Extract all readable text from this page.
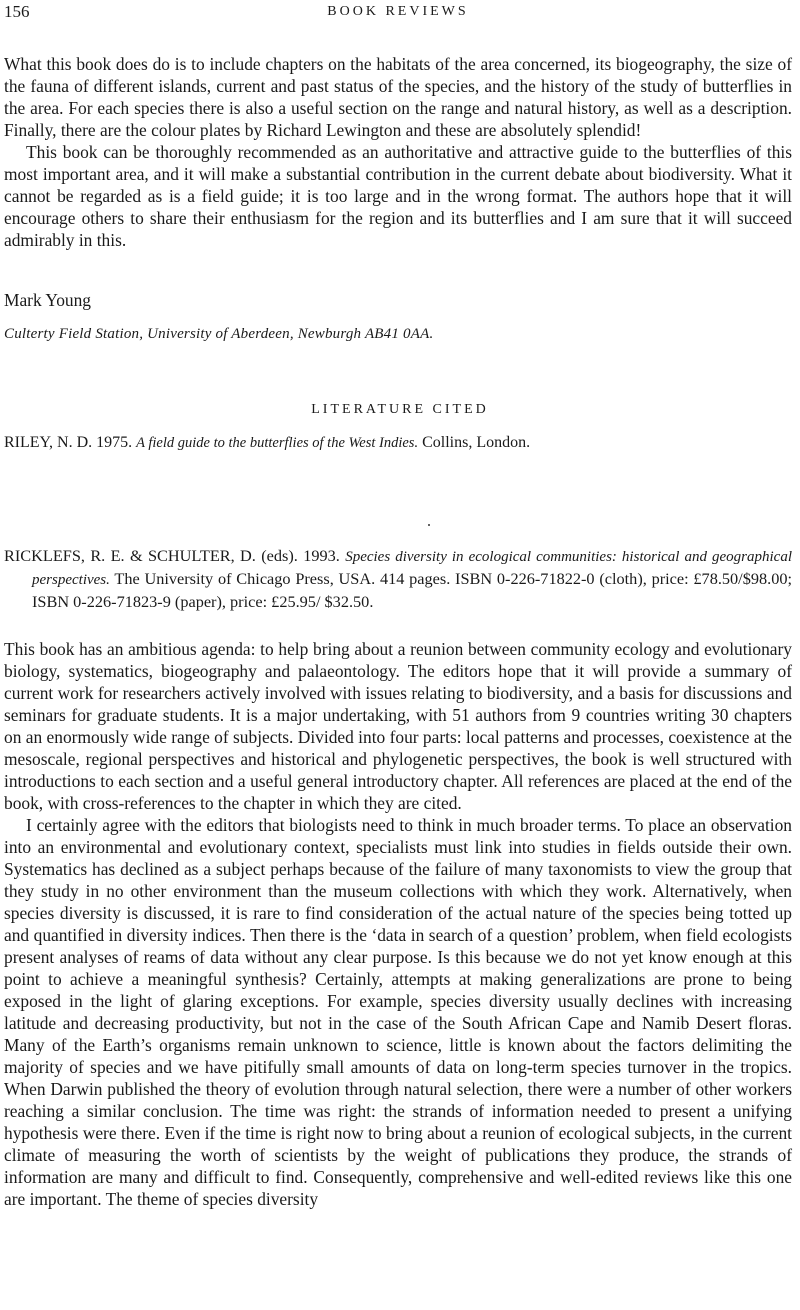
156	BOOK REVIEWS

What this book does do is to include chapters on the habitats of the area concerned, its biogeography, the size of the fauna of different islands, current and past status of the species, and the history of the study of butterflies in the area. For each species there is also a useful section on the range and natural history, as well as a description. Finally, there are the colour plates by Richard Lewington and these are absolutely splendid!

This book can be thoroughly recommended as an authoritative and attractive guide to the butterflies of this most important area, and it will make a substantial contribution in the current debate about biodiversity. What it cannot be regarded as is a field guide; it is too large and in the wrong format. The authors hope that it will encourage others to share their enthusiasm for the region and its butterflies and I am sure that it will succeed admirably in this.

Mark Young
Culterty Field Station, University of Aberdeen, Newburgh AB41 0AA.
LITERATURE CITED
RILEY, N. D. 1975. A field guide to the butterflies of the West Indies. Collins, London.
RICKLEFS, R. E. & SCHULTER, D. (eds). 1993. Species diversity in ecological communities: historical and geographical perspectives. The University of Chicago Press, USA. 414 pages. ISBN 0-226-71822-0 (cloth), price: £78.50/$98.00; ISBN 0-226-71823-9 (paper), price: £25.95/ $32.50.

This book has an ambitious agenda: to help bring about a reunion between community ecology and evolutionary biology, systematics, biogeography and palaeontology. The editors hope that it will provide a summary of current work for researchers actively involved with issues relating to biodiversity, and a basis for discussions and seminars for graduate students. It is a major undertaking, with 51 authors from 9 countries writing 30 chapters on an enormously wide range of subjects. Divided into four parts: local patterns and processes, coexistence at the mesoscale, regional perspectives and historical and phylogenetic perspectives, the book is well structured with introductions to each section and a useful general introductory chapter. All references are placed at the end of the book, with cross-references to the chapter in which they are cited.

I certainly agree with the editors that biologists need to think in much broader terms. To place an observation into an environmental and evolutionary context, specialists must link into studies in fields outside their own. Systematics has declined as a subject perhaps because of the failure of many taxonomists to view the group that they study in no other environment than the museum collections with which they work. Alternatively, when species diversity is discussed, it is rare to find consideration of the actual nature of the species being totted up and quantified in diversity indices. Then there is the ‘data in search of a question’ problem, when field ecologists present analyses of reams of data without any clear purpose. Is this because we do not yet know enough at this point to achieve a meaningful synthesis? Certainly, attempts at making generalizations are prone to being exposed in the light of glaring exceptions. For example, species diversity usually declines with increasing latitude and decreasing productivity, but not in the case of the South African Cape and Namib Desert floras. Many of the Earth’s organisms remain unknown to science, little is known about the factors delimiting the majority of species and we have pitifully small amounts of data on long-term species turnover in the tropics. When Darwin published the theory of evolution through natural selection, there were a number of other workers reaching a similar conclusion. The time was right: the strands of information needed to present a unifying hypothesis were there. Even if the time is right now to bring about a reunion of ecological subjects, in the current climate of measuring the worth of scientists by the weight of publications they produce, the strands of information are many and difficult to find. Consequently, comprehensive and well-edited reviews like this one are important. The theme of species diversity
